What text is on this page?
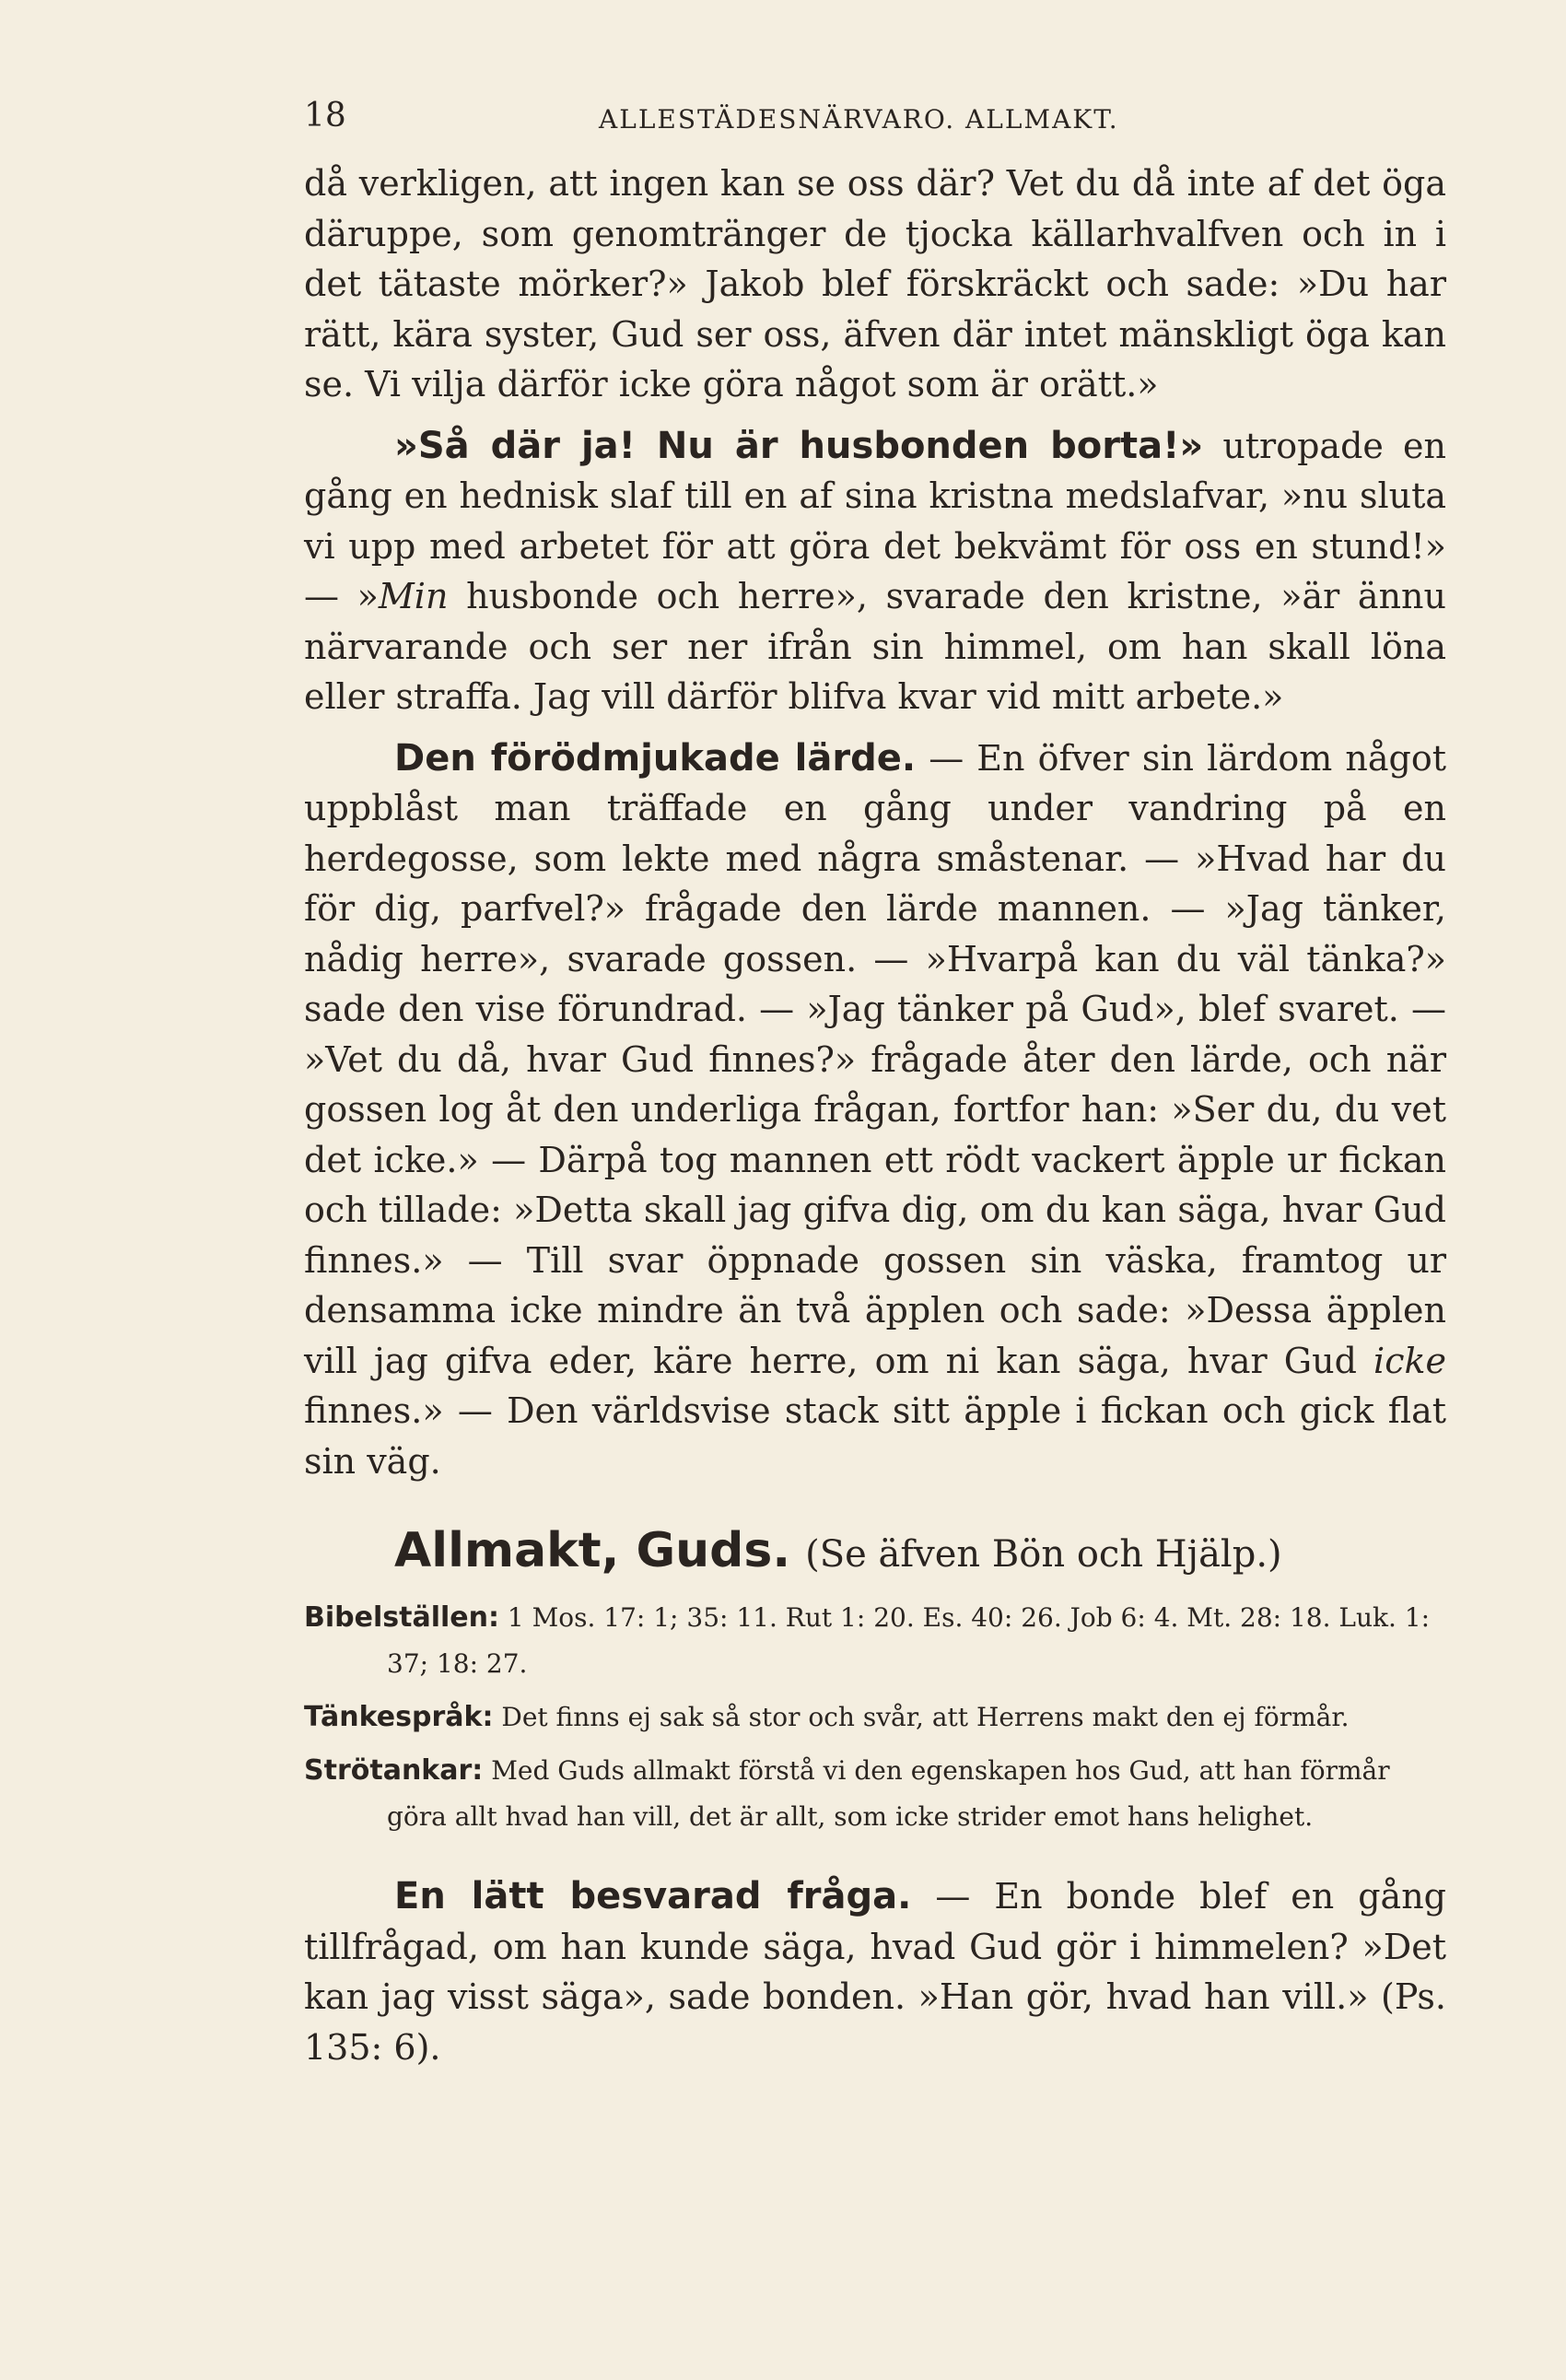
18	ALLESTÄDESNÄRVARO. ALLMAKT.

då verkligen, att ingen kan se oss där? Vet du då inte af det öga däruppe, som genomtränger de tjocka källarhvalfven och in i det tätaste mörker?» Jakob blef förskräckt och sade: »Du har rätt, kära syster, Gud ser oss, äfven där intet mänskligt öga kan se. Vi vilja därför icke göra något som är orätt.»

»Så där ja! Nu är husbonden borta!» utropade en gång en hednisk slaf till en af sina kristna medslafvar, »nu sluta vi upp med arbetet för att göra det bekvämt för oss en stund!» — »Min husbonde och herre», svarade den kristne, »är ännu närvarande och ser ner ifrån sin himmel, om han skall löna eller straffa. Jag vill därför blifva kvar vid mitt arbete.»

Den förödmjukade lärde. — En öfver sin lärdom något uppblåst man träffade en gång under vandring på en herdegosse, som lekte med några småstenar. — »Hvad har du för dig, parfvel?» frågade den lärde mannen. — »Jag tänker, nådig herre», svarade gossen. — »Hvarpå kan du väl tänka?» sade den vise förundrad. — »Jag tänker på Gud», blef svaret. — »Vet du då, hvar Gud finnes?» frågade åter den lärde, och när gossen log åt den underliga frågan, fortfor han: »Ser du, du vet det icke.» — Därpå tog mannen ett rödt vackert äpple ur fickan och tillade: »Detta skall jag gifva dig, om du kan säga, hvar Gud finnes.» — Till svar öppnade gossen sin väska, framtog ur densamma icke mindre än två äpplen och sade: »Dessa äpplen vill jag gifva eder, käre herre, om ni kan säga, hvar Gud icke finnes.» — Den världsvise stack sitt äpple i fickan och gick flat sin väg.

Allmakt, Guds. (Se äfven Bön och Hjälp.)

Bibelställen: 1 Mos. 17: 1; 35: 11. Rut 1: 20. Es. 40: 26. Job 6: 4. Mt. 28: 18. Luk. 1: 37; 18: 27.

Tänkespråk: Det finns ej sak så stor och svår, att Herrens makt den ej förmår.

Strötankar: Med Guds allmakt förstå vi den egenskapen hos Gud, att han förmår göra allt hvad han vill, det är allt, som icke strider emot hans helighet.

En lätt besvarad fråga. — En bonde blef en gång tillfrågad, om han kunde säga, hvad Gud gör i himmelen? »Det kan jag visst säga», sade bonden. »Han gör, hvad han vill.» (Ps. 135: 6).
